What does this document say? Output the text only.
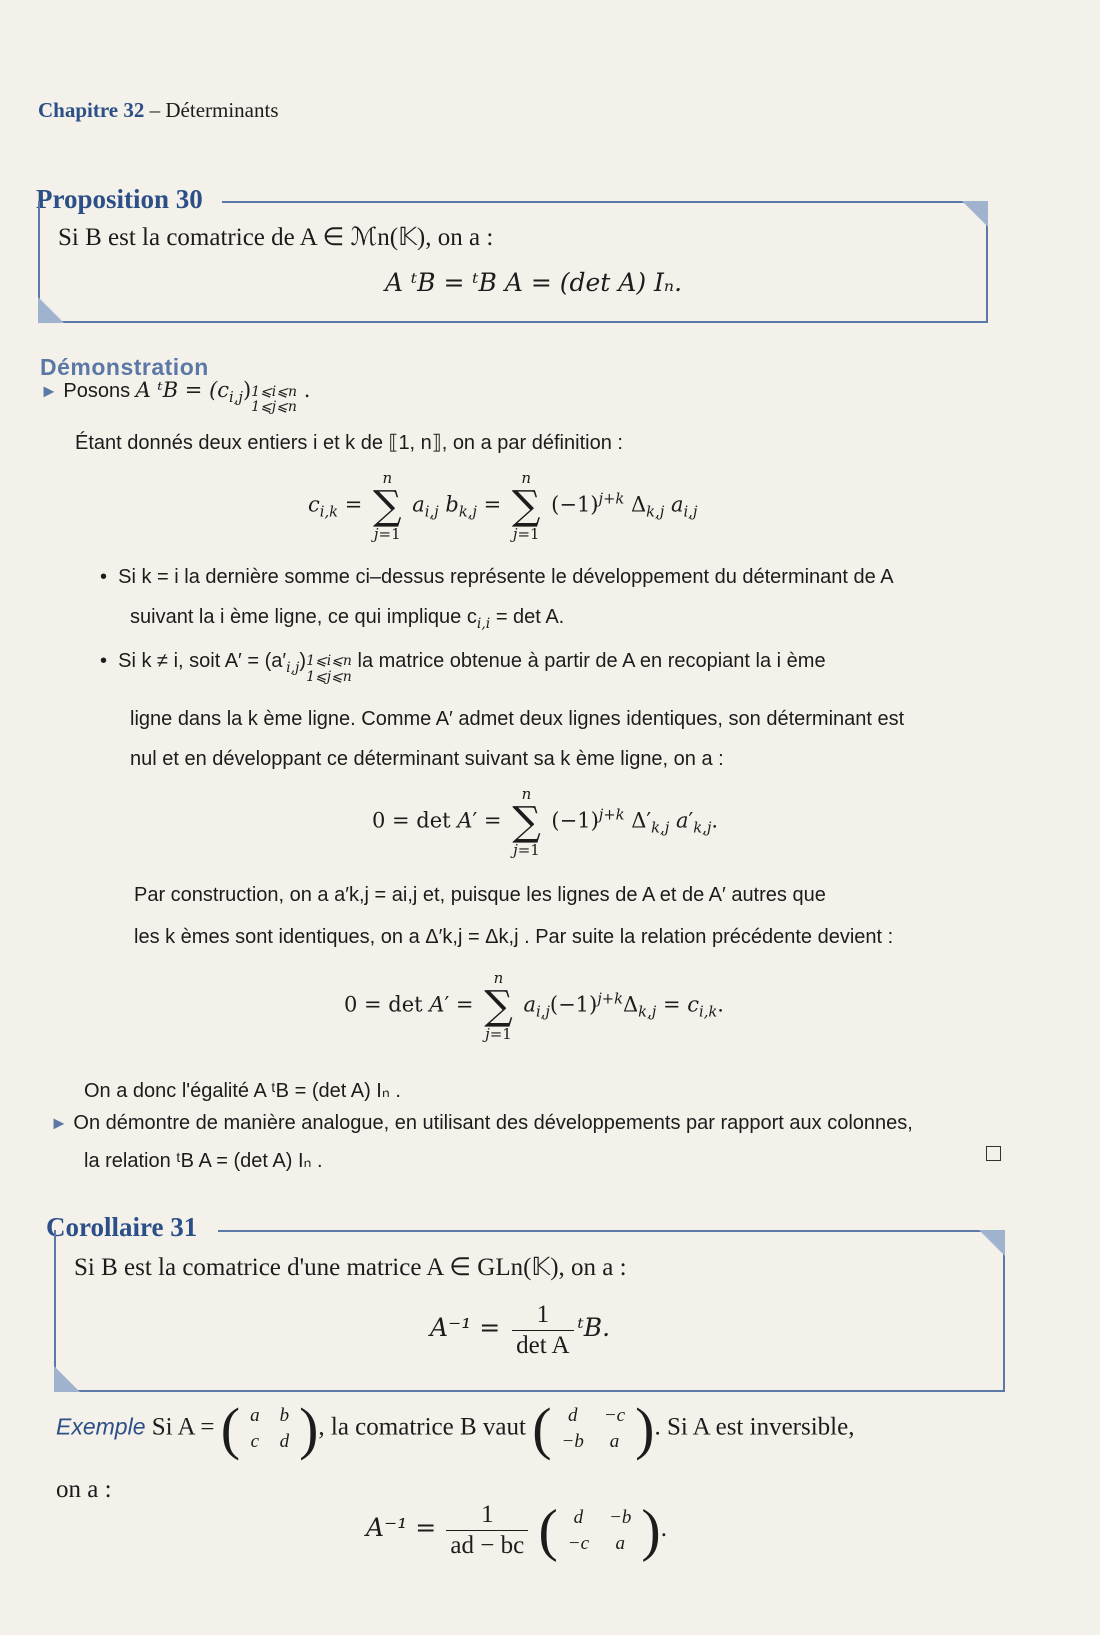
Chapitre 32 – Déterminants
Proposition 30
Si B est la comatrice de A ∈ ℳn(𝕂), on a :
A ᵗB = ᵗB A = (det A) Iₙ.
Démonstration
► Posons A ᵗB = $(c_{i,j})1⩽i⩽n$
1⩽j⩽n .
Étant donnés deux entiers i et k de ⟦1, n⟧, on a par définition :
$c_{i,k}$ =
n
∑
j=1
$a_{i,j}$ $b_{k,j}$ =
n
∑
j=1
$(-1)^{j+k}$ $\Delta_{k,j}$ $a_{i,j}$
• Si k = i la dernière somme ci–dessus représente le développement du déterminant de A
suivant la i ème ligne, ce qui implique $c_{i,i} = \det A$.
• Si k ≠ i, soit $A' = (a'_{i,j})1⩽i⩽n$
1⩽j⩽n la matrice obtenue à partir de A en recopiant la i ème
ligne dans la k ème ligne. Comme A′ admet deux lignes identiques, son déterminant est
nul et en développant ce déterminant suivant sa k ème ligne, on a :
0 = det A′ =
n
∑
j=1
$(-1)^{j+k}$ $\Delta'_{k,j}$ $a'_{k,j}$.
Par construction, on a a′k,j = ai,j et, puisque les lignes de A et de A′ autres que
les k èmes sont identiques, on a Δ′k,j = Δk,j . Par suite la relation précédente devient :
0 = det A′ =
n
∑
j=1
$a_{i,j}(-1)^{j+k}\Delta_{k,j} = c_{i,k}$.
On a donc l'égalité A ᵗB = (det A) Iₙ .
► On démontre de manière analogue, en utilisant des développements par rapport aux colonnes,
la relation ᵗB A = (det A) Iₙ .
Corollaire 31
Si B est la comatrice d'une matrice A ∈ GLn(𝕂), on a :
$A^{-1} = \frac{1}{\text{det A}}$ ᵗB.
Exemple Si A = ( a	b
c	d ), la comatrice B vaut ( d	−c
−b	a ). Si A est inversible,
on a :
$A^{-1} = \frac{1}{ad - bc}$ ( d	−b
−c	a ).
